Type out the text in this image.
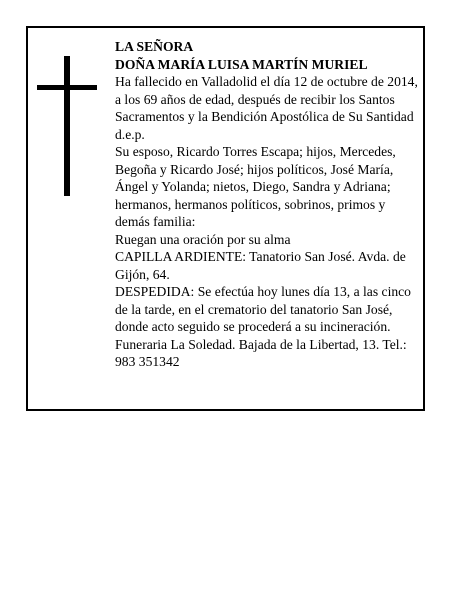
LA SEÑORA

DOÑA MARÍA LUISA MARTÍN MURIEL

Ha fallecido en Valladolid el día 12 de octubre de 2014, a los 69 años de edad, después de recibir los Santos Sacramentos y la Bendición Apostólica de Su Santidad d.e.p.

Su esposo, Ricardo Torres Escapa; hijos, Mercedes, Begoña y Ricardo José; hijos políticos, José María, Ángel y Yolanda; nietos, Diego, Sandra y Adriana; hermanos, hermanos políticos, sobrinos, primos y demás familia:

Ruegan una oración por su alma

CAPILLA ARDIENTE: Tanatorio San José. Avda. de Gijón, 64.

DESPEDIDA: Se efectúa hoy lunes día 13, a las cinco de la tarde, en el crematorio del tanatorio San José, donde acto seguido se procederá a su incineración.

Funeraria La Soledad. Bajada de la Libertad, 13. Tel.: 983 351342
